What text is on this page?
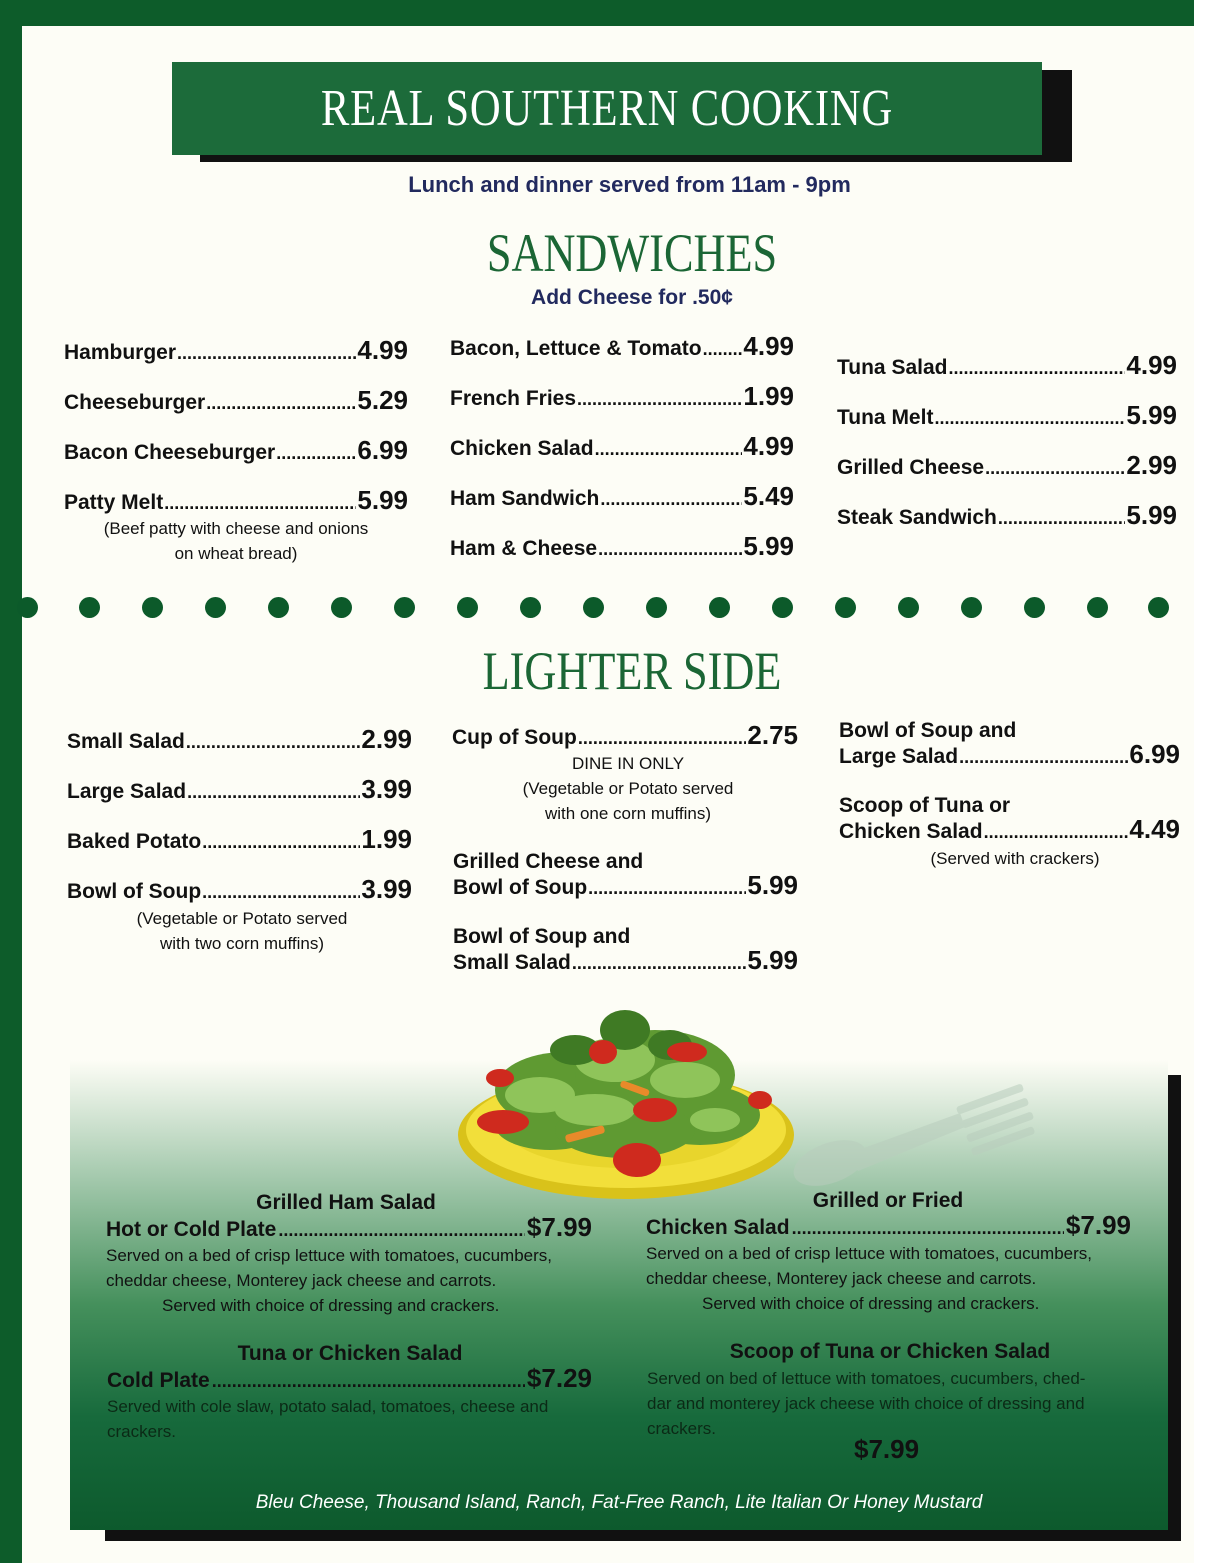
REAL SOUTHERN COOKING
Lunch and dinner served from 11am - 9pm
SANDWICHES
Add Cheese for .50¢
Hamburger .....	4.99
Cheeseburger .....	5.29
Bacon Cheeseburger .....	6.99
Patty Melt .....	5.99
(Beef patty with cheese and onions
on wheat bread)
Bacon, Lettuce & Tomato ..... 4.99
French Fries .....	1.99
Chicken Salad .....	4.99
Ham Sandwich .....	5.49
Ham & Cheese .....	5.99
Tuna Salad .....	4.99
Tuna Melt .....	5.99
Grilled Cheese .....	2.99
Steak Sandwich .....	5.99
LIGHTER SIDE
Small Salad .....	2.99
Large Salad .....	3.99
Baked Potato .....	1.99
Bowl of Soup .....	3.99
(Vegetable or Potato served
with two corn muffins)
Cup of Soup .....	2.75
DINE IN ONLY
(Vegetable or Potato served
with one corn muffins)
Grilled Cheese and
Bowl of Soup .....	5.99
Bowl of Soup and
Small Salad .....	5.99
Bowl of Soup and
Large Salad .....	6.99
Scoop of Tuna or
Chicken Salad .....	4.49
(Served with crackers)
Grilled Ham Salad
Hot or Cold Plate .....	$7.99
Served on a bed of crisp lettuce with tomatoes, cucumbers,
cheddar cheese, Monterey jack cheese and carrots.
Served with choice of dressing and crackers.
Grilled or Fried
Chicken Salad .....	$7.99
Served on a bed of crisp lettuce with tomatoes, cucumbers,
cheddar cheese, Monterey jack cheese and carrots.
Served with choice of dressing and crackers.
Tuna or Chicken Salad
Cold Plate .....	$7.29
Served with cole slaw, potato salad, tomatoes, cheese and
crackers.
Scoop of Tuna or Chicken Salad
Served on bed of lettuce with tomatoes, cucumbers, ched-
dar and monterey jack cheese with choice of dressing and
crackers.
$7.99
Bleu Cheese, Thousand Island, Ranch, Fat-Free Ranch, Lite Italian Or Honey Mustard
